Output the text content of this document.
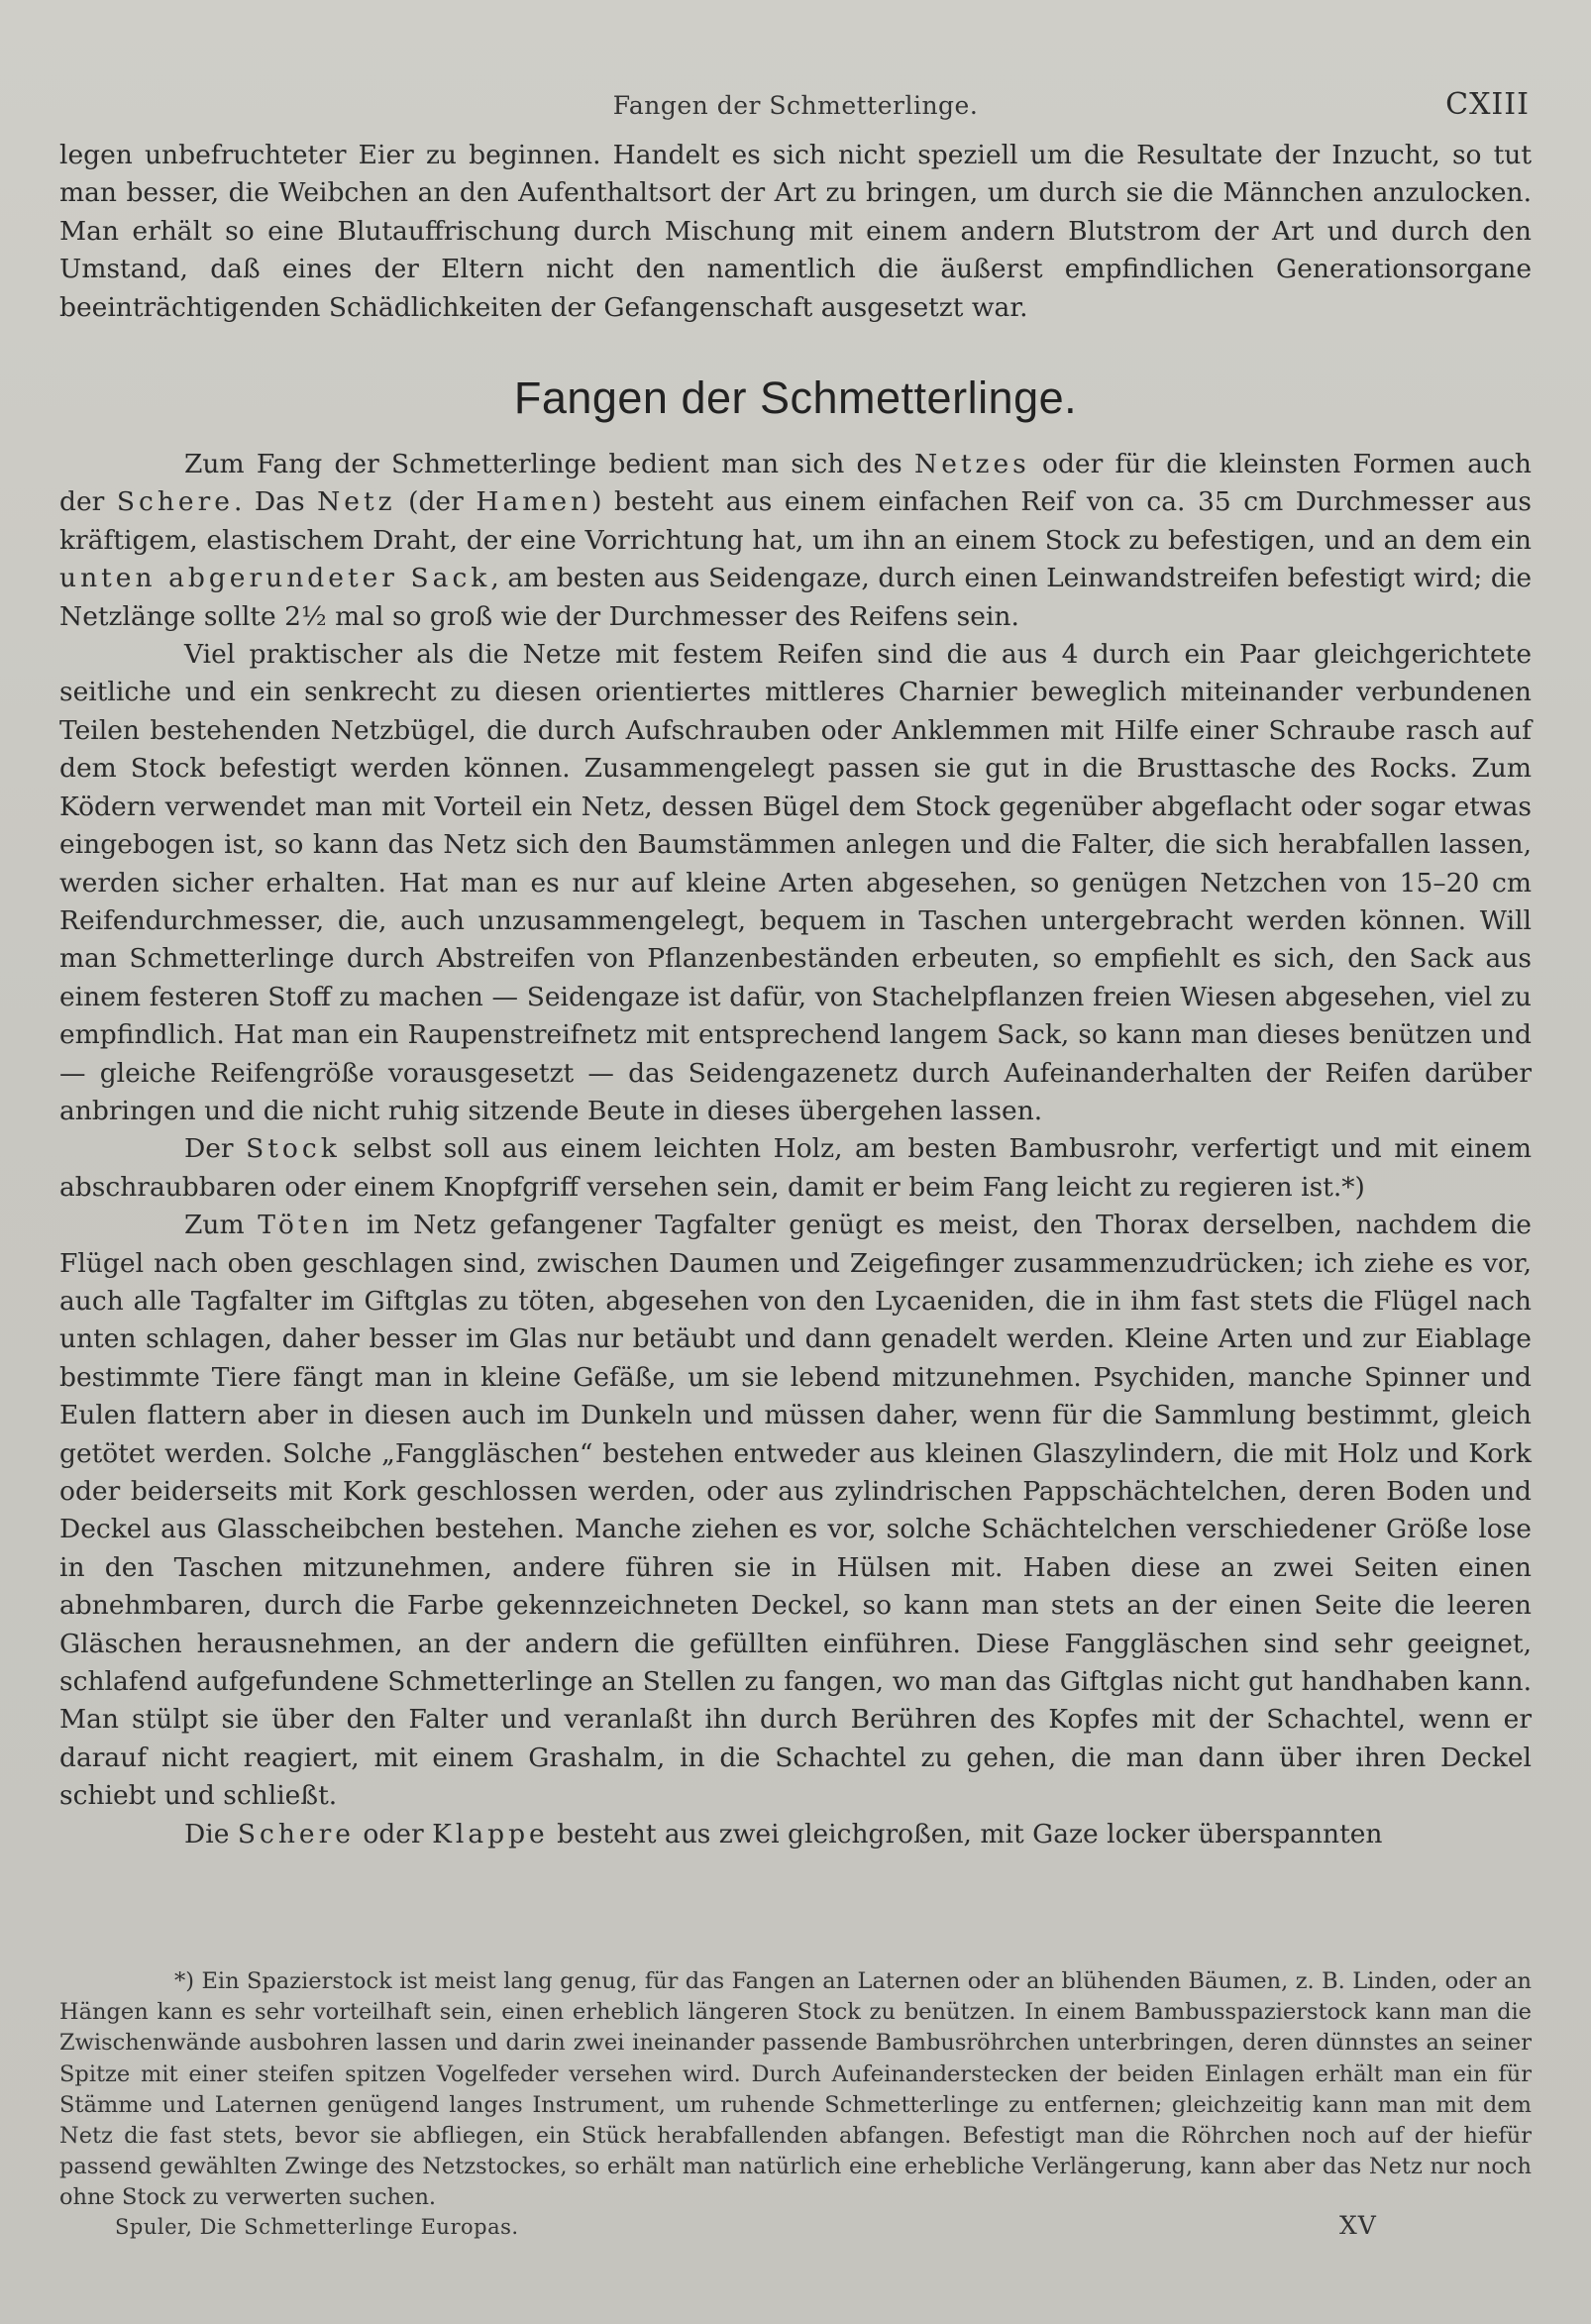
Fangen der Schmetterlinge.	CXIII

legen unbefruchteter Eier zu beginnen. Handelt es sich nicht speziell um die Resultate der Inzucht, so tut man besser, die Weibchen an den Aufenthaltsort der Art zu bringen, um durch sie die Männchen anzulocken. Man erhält so eine Blutauffrischung durch Mischung mit einem andern Blutstrom der Art und durch den Umstand, daß eines der Eltern nicht den namentlich die äußerst empfindlichen Generationsorgane beeinträchtigenden Schädlichkeiten der Gefangenschaft ausgesetzt war.

Fangen der Schmetterlinge.

Zum Fang der Schmetterlinge bedient man sich des Netzes oder für die kleinsten Formen auch der Schere. Das Netz (der Hamen) besteht aus einem einfachen Reif von ca. 35 cm Durchmesser aus kräftigem, elastischem Draht, der eine Vorrichtung hat, um ihn an einem Stock zu befestigen, und an dem ein unten abgerundeter Sack, am besten aus Seidengaze, durch einen Leinwandstreifen befestigt wird; die Netzlänge sollte 2½ mal so groß wie der Durchmesser des Reifens sein.

Viel praktischer als die Netze mit festem Reifen sind die aus 4 durch ein Paar gleichgerichtete seitliche und ein senkrecht zu diesen orientiertes mittleres Charnier beweglich miteinander verbundenen Teilen bestehenden Netzbügel, die durch Aufschrauben oder Anklemmen mit Hilfe einer Schraube rasch auf dem Stock befestigt werden können. Zusammengelegt passen sie gut in die Brusttasche des Rocks. Zum Ködern verwendet man mit Vorteil ein Netz, dessen Bügel dem Stock gegenüber abgeflacht oder sogar etwas eingebogen ist, so kann das Netz sich den Baumstämmen anlegen und die Falter, die sich herabfallen lassen, werden sicher erhalten. Hat man es nur auf kleine Arten abgesehen, so genügen Netzchen von 15–20 cm Reifendurchmesser, die, auch unzusammengelegt, bequem in Taschen untergebracht werden können. Will man Schmetterlinge durch Abstreifen von Pflanzenbeständen erbeuten, so empfiehlt es sich, den Sack aus einem festeren Stoff zu machen — Seidengaze ist dafür, von Stachelpflanzen freien Wiesen abgesehen, viel zu empfindlich. Hat man ein Raupenstreifnetz mit entsprechend langem Sack, so kann man dieses benützen und — gleiche Reifengröße vorausgesetzt — das Seidengazenetz durch Aufeinanderhalten der Reifen darüber anbringen und die nicht ruhig sitzende Beute in dieses übergehen lassen.

Der Stock selbst soll aus einem leichten Holz, am besten Bambusrohr, verfertigt und mit einem abschraubbaren oder einem Knopfgriff versehen sein, damit er beim Fang leicht zu regieren ist.*)

Zum Töten im Netz gefangener Tagfalter genügt es meist, den Thorax derselben, nachdem die Flügel nach oben geschlagen sind, zwischen Daumen und Zeigefinger zusammenzudrücken; ich ziehe es vor, auch alle Tagfalter im Giftglas zu töten, abgesehen von den Lycaeniden, die in ihm fast stets die Flügel nach unten schlagen, daher besser im Glas nur betäubt und dann genadelt werden. Kleine Arten und zur Eiablage bestimmte Tiere fängt man in kleine Gefäße, um sie lebend mitzunehmen. Psychiden, manche Spinner und Eulen flattern aber in diesen auch im Dunkeln und müssen daher, wenn für die Sammlung bestimmt, gleich getötet werden. Solche „Fanggläschen“ bestehen entweder aus kleinen Glaszylindern, die mit Holz und Kork oder beiderseits mit Kork geschlossen werden, oder aus zylindrischen Pappschächtelchen, deren Boden und Deckel aus Glasscheibchen bestehen. Manche ziehen es vor, solche Schächtelchen verschiedener Größe lose in den Taschen mitzunehmen, andere führen sie in Hülsen mit. Haben diese an zwei Seiten einen abnehmbaren, durch die Farbe gekennzeichneten Deckel, so kann man stets an der einen Seite die leeren Gläschen herausnehmen, an der andern die gefüllten einführen. Diese Fanggläschen sind sehr geeignet, schlafend aufgefundene Schmetterlinge an Stellen zu fangen, wo man das Giftglas nicht gut handhaben kann. Man stülpt sie über den Falter und veranlaßt ihn durch Berühren des Kopfes mit der Schachtel, wenn er darauf nicht reagiert, mit einem Grashalm, in die Schachtel zu gehen, die man dann über ihren Deckel schiebt und schließt.

Die Schere oder Klappe besteht aus zwei gleichgroßen, mit Gaze locker überspannten

*) Ein Spazierstock ist meist lang genug, für das Fangen an Laternen oder an blühenden Bäumen, z. B. Linden, oder an Hängen kann es sehr vorteilhaft sein, einen erheblich längeren Stock zu benützen. In einem Bambusspazierstock kann man die Zwischenwände ausbohren lassen und darin zwei ineinander passende Bambusröhrchen unterbringen, deren dünnstes an seiner Spitze mit einer steifen spitzen Vogelfeder versehen wird. Durch Aufeinanderstecken der beiden Einlagen erhält man ein für Stämme und Laternen genügend langes Instrument, um ruhende Schmetterlinge zu entfernen; gleichzeitig kann man mit dem Netz die fast stets, bevor sie abfliegen, ein Stück herabfallenden abfangen. Befestigt man die Röhrchen noch auf der hiefür passend gewählten Zwinge des Netzstockes, so erhält man natürlich eine erhebliche Verlängerung, kann aber das Netz nur noch ohne Stock zu verwerten suchen.

Spuler, Die Schmetterlinge Europas.	XV
